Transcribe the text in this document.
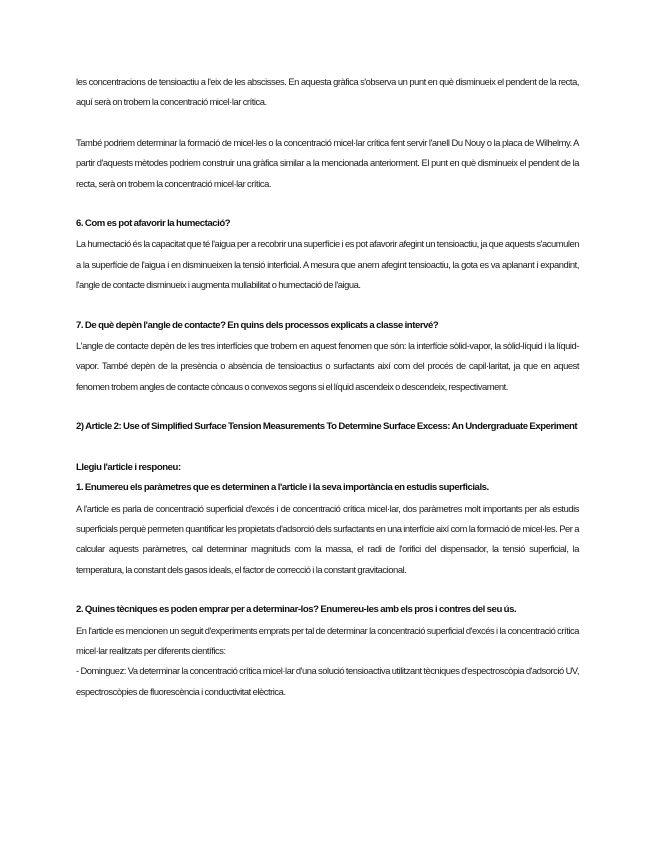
les concentracions de tensioactiu a l'eix de les abscisses. En aquesta gràfica s'observa un punt en què disminueix el pendent de la recta, aquí serà on trobem la concentració micel·lar crítica.

També podriem determinar la formació de micel·les o la concentració micel·lar crítica fent servir l'anell Du Nouy o la placa de Wilhelmy. A partir d'aquests mètodes podriem construir una gràfica similar a la mencionada anteriorment. El punt en què disminueix el pendent de la recta, serà on trobem la concentració micel·lar crítica.

6. Com es pot afavorir la humectació?

La humectació és la capacitat que té l'aigua per a recobrir una superfície i es pot afavorir afegint un tensioactiu, ja que aquests s'acumulen a la superfície de l'aigua i en disminueixen la tensió interficial. A mesura que anem afegint tensioactiu, la gota es va aplanant i expandint, l'angle de contacte disminueix i augmenta mullabilitat o humectació de l'aigua.

7. De què depèn l'angle de contacte? En quins dels processos explicats a classe intervé?

L'angle de contacte depèn de les tres interfícies que trobem en aquest fenomen que són: la interfície sòlid-vapor, la sòlid-líquid i la líquid-vapor. També depèn de la presència o absència de tensioactius o surfactants així com del procés de capil·laritat, ja que en aquest fenomen trobem angles de contacte còncaus o convexos segons si el líquid ascendeix o descendeix, respectivament.

2) Article 2: Use of Simplified Surface Tension Measurements To Determine Surface Excess: An Undergraduate Experiment

Llegiu l'article i responeu:

1. Enumereu els paràmetres que es determinen a l'article i la seva importància en estudis superficials.

A l'article es parla de concentració superficial d'excés i de concentració crítica micel·lar, dos paràmetres molt importants per als estudis superficials perquè permeten quantificar les propietats d'adsorció dels surfactants en una interfície així com la formació de micel·les. Per a calcular aquests paràmetres, cal determinar magnituds com la massa, el radi de l'orifici del dispensador, la tensió superficial, la temperatura, la constant dels gasos ideals, el factor de correcció i la constant gravitacional.

2. Quines tècniques es poden emprar per a determinar-los? Enumereu-les amb els pros i contres del seu ús.

En l'article es mencionen un seguit d'experiments emprats per tal de determinar la concentració superficial d'excés i la concentració crítica micel·lar realitzats per diferents científics:

- Dominguez: Va determinar la concentració crítica micel·lar d'una solució tensioactiva utilitzant tècniques d'espectroscòpia d'adsorció UV, espectroscòpies de fluorescència i conductivitat elèctrica.
